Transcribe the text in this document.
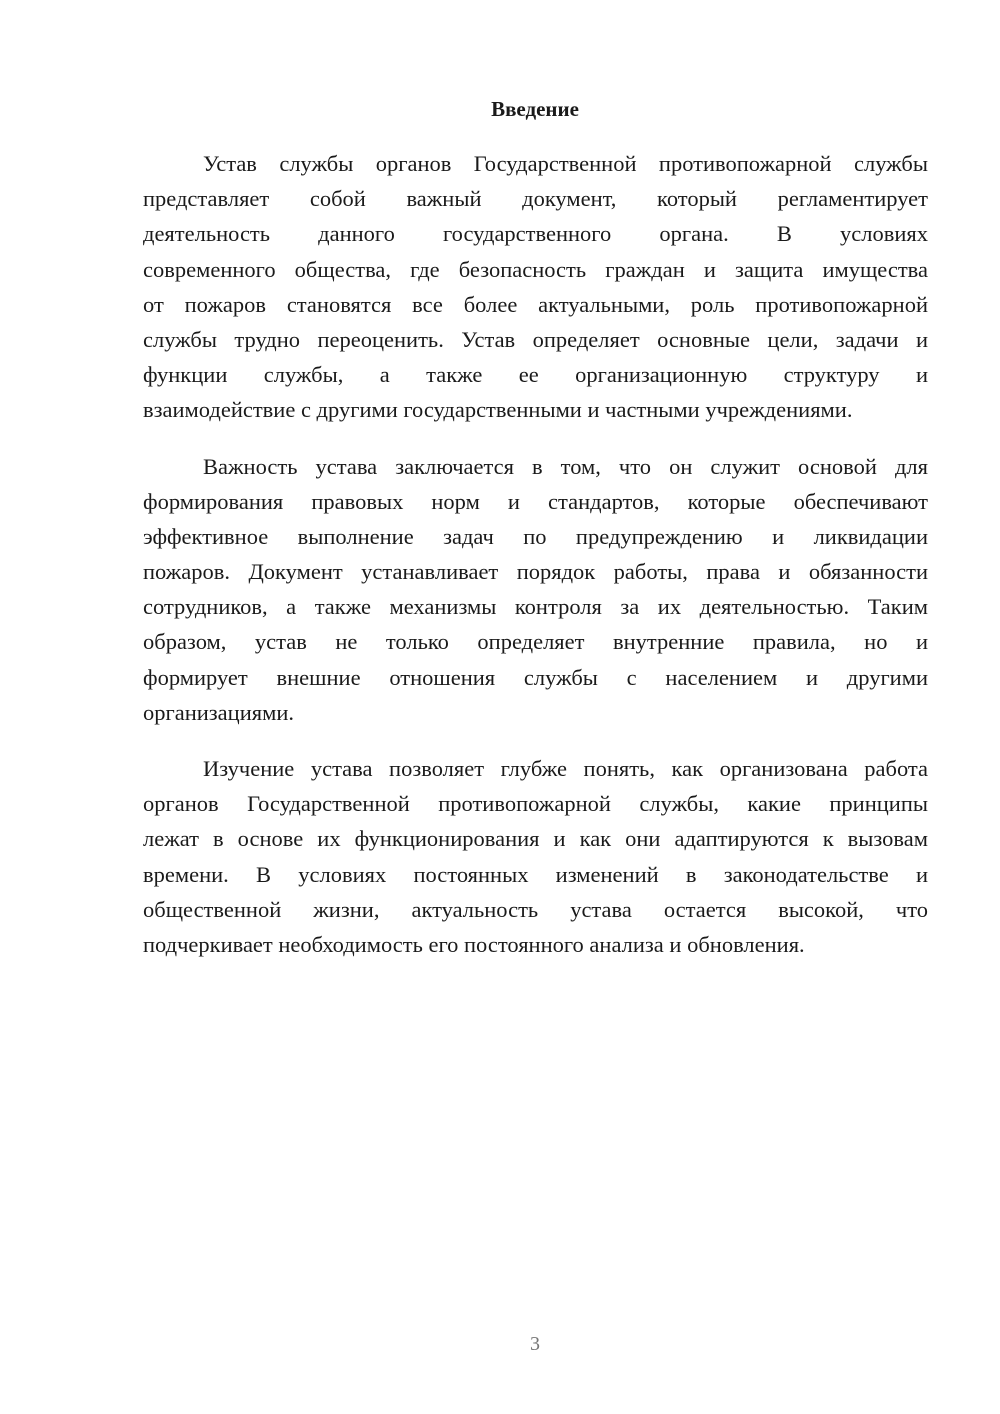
Введение
Устав службы органов Государственной противопожарной службы
представляет собой важный документ, который регламентирует
деятельность данного государственного органа. В условиях
современного общества, где безопасность граждан и защита имущества
от пожаров становятся все более актуальными, роль противопожарной
службы трудно переоценить. Устав определяет основные цели, задачи и
функции службы, а также ее организационную структуру и
взаимодействие с другими государственными и частными учреждениями.
Важность устава заключается в том, что он служит основой для
формирования правовых норм и стандартов, которые обеспечивают
эффективное выполнение задач по предупреждению и ликвидации
пожаров. Документ устанавливает порядок работы, права и обязанности
сотрудников, а также механизмы контроля за их деятельностью. Таким
образом, устав не только определяет внутренние правила, но и
формирует внешние отношения службы с населением и другими
организациями.
Изучение устава позволяет глубже понять, как организована работа
органов Государственной противопожарной службы, какие принципы
лежат в основе их функционирования и как они адаптируются к вызовам
времени. В условиях постоянных изменений в законодательстве и
общественной жизни, актуальность устава остается высокой, что
подчеркивает необходимость его постоянного анализа и обновления.
3
